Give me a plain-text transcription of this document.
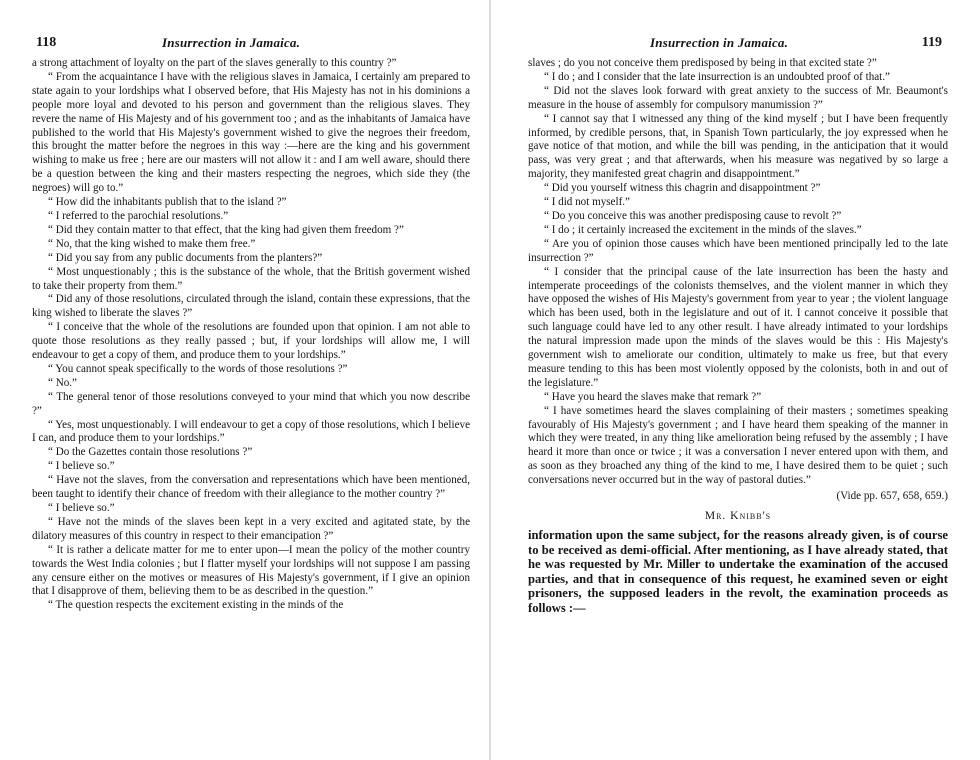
118	Insurrection in Jamaica.

a strong attachment of loyalty on the part of the slaves generally to this country ?”

“ From the acquaintance I have with the religious slaves in Jamaica, I certainly am prepared to state again to your lordships what I observed before, that His Majesty has not in his dominions a people more loyal and devoted to his person and government than the religious slaves. They revere the name of His Majesty and of his government too ; and as the inhabitants of Jamaica have published to the world that His Majesty's government wished to give the negroes their freedom, this brought the matter before the negroes in this way :—here are the king and his government wishing to make us free ; here are our masters will not allow it : and I am well aware, should there be a question between the king and their masters respecting the negroes, which side they (the negroes) will go to.”

“ How did the inhabitants publish that to the island ?”

“ I referred to the parochial resolutions.”

“ Did they contain matter to that effect, that the king had given them freedom ?”

“ No, that the king wished to make them free.”

“ Did you say from any public documents from the planters?”

“ Most unquestionably ; this is the substance of the whole, that the British goverment wished to take their property from them.”

“ Did any of those resolutions, circulated through the island, contain these expressions, that the king wished to liberate the slaves ?”

“ I conceive that the whole of the resolutions are founded upon that opinion. I am not able to quote those resolutions as they really passed ; but, if your lordships will allow me, I will endeavour to get a copy of them, and produce them to your lordships.”

“ You cannot speak specifically to the words of those resolutions ?”

“ No.”

“ The general tenor of those resolutions conveyed to your mind that which you now describe ?”

“ Yes, most unquestionably. I will endeavour to get a copy of those resolutions, which I believe I can, and produce them to your lordships.”

“ Do the Gazettes contain those resolutions ?”

“ I believe so.”

“ Have not the slaves, from the conversation and representations which have been mentioned, been taught to identify their chance of freedom with their allegiance to the mother country ?”

“ I believe so.”

“ Have not the minds of the slaves been kept in a very excited and agitated state, by the dilatory measures of this country in respect to their emancipation ?”

“ It is rather a delicate matter for me to enter upon—I mean the policy of the mother country towards the West India colonies ; but I flatter myself your lordships will not suppose I am passing any censure either on the motives or measures of His Majesty's government, if I give an opinion that I disapprove of them, believing them to be as described in the question.”

“ The question respects the excitement existing in the minds of the

Insurrection in Jamaica.	119

slaves ; do you not conceive them predisposed by being in that excited state ?”

“ I do ; and I consider that the late insurrection is an undoubted proof of that.”

“ Did not the slaves look forward with great anxiety to the success of Mr. Beaumont's measure in the house of assembly for compulsory manumission ?”

“ I cannot say that I witnessed any thing of the kind myself ; but I have been frequently informed, by credible persons, that, in Spanish Town particularly, the joy expressed when he gave notice of that motion, and while the bill was pending, in the anticipation that it would pass, was very great ; and that afterwards, when his measure was negatived by so large a majority, they manifested great chagrin and disappointment.”

“ Did you yourself witness this chagrin and disappointment ?”

“ I did not myself.”

“ Do you conceive this was another predisposing cause to revolt ?”

“ I do ; it certainly increased the excitement in the minds of the slaves.”

“ Are you of opinion those causes which have been mentioned principally led to the late insurrection ?”

“ I consider that the principal cause of the late insurrection has been the hasty and intemperate proceedings of the colonists themselves, and the violent manner in which they have opposed the wishes of His Majesty's government from year to year ; the violent language which has been used, both in the legislature and out of it. I cannot conceive it possible that such language could have led to any other result. I have already intimated to your lordships the natural impression made upon the minds of the slaves would be this : His Majesty's government wish to ameliorate our condition, ultimately to make us free, but that every measure tending to this has been most violently opposed by the colonists, both in and out of the legislature.”

“ Have you heard the slaves make that remark ?”

“ I have sometimes heard the slaves complaining of their masters ; sometimes speaking favourably of His Majesty's government ; and I have heard them speaking of the manner in which they were treated, in any thing like amelioration being refused by the assembly ; I have heard it more than once or twice ; it was a conversation I never entered upon with them, and as soon as they broached any thing of the kind to me, I have desired them to be quiet ; such conversations never occurred but in the way of pastoral duties.”

(Vide pp. 657, 658, 659.)
Mr. Knibb's

information upon the same subject, for the reasons already given, is of course to be received as demi-official. After mentioning, as I have already stated, that he was requested by Mr. Miller to undertake the examination of the accused parties, and that in consequence of this request, he examined seven or eight prisoners, the supposed leaders in the revolt, the examination proceeds as follows :—
